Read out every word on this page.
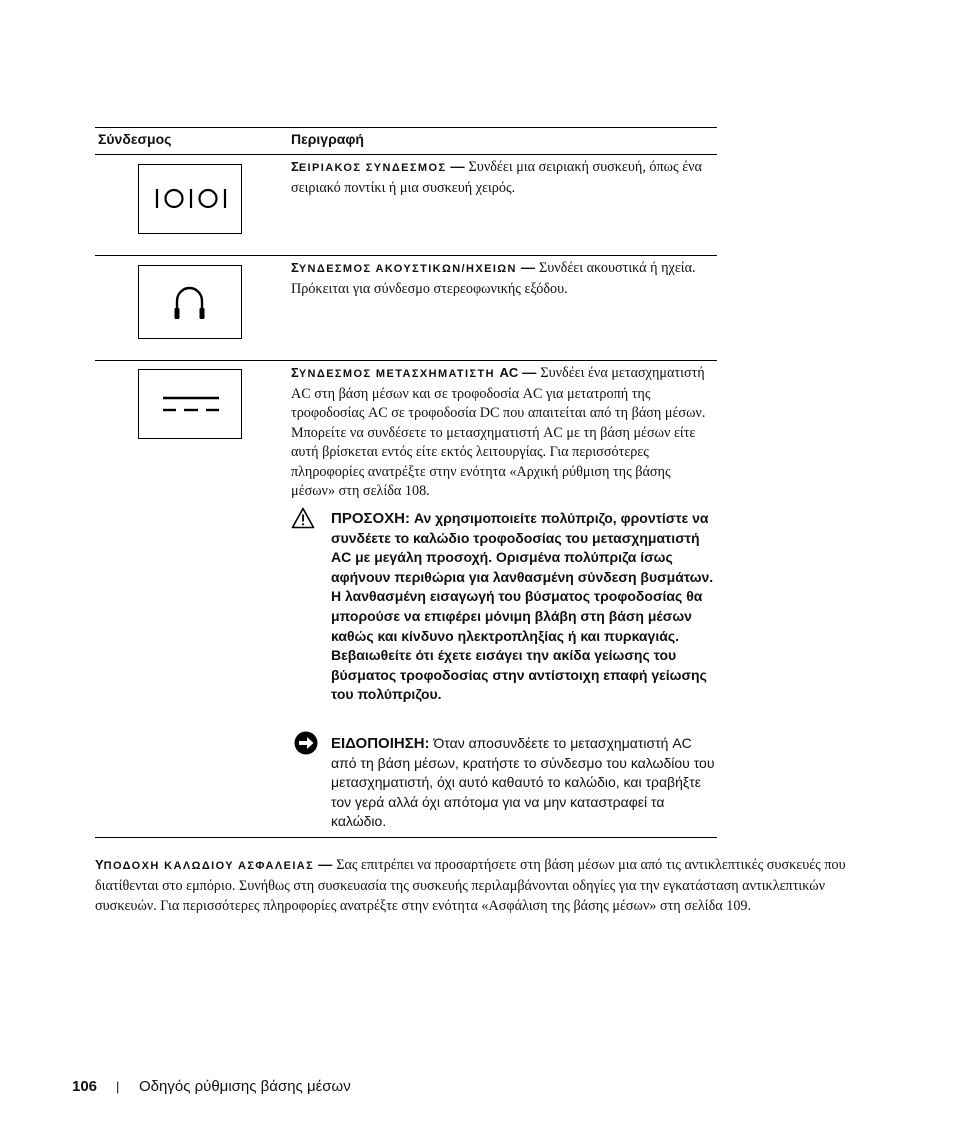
Σύνδεσμος	Περιγραφή
ΣΕΙΡΙΑΚΟΣ ΣΥΝΔΕΣΜΟΣ — Συνδέει μια σειριακή συσκευή, όπως ένα σειριακό ποντίκι ή μια συσκευή χειρός.
ΣΥΝΔΕΣΜΟΣ ΑΚΟΥΣΤΙΚΩΝ/ΗΧΕΙΩΝ — Συνδέει ακουστικά ή ηχεία. Πρόκειται για σύνδεσμο στερεοφωνικής εξόδου.
ΣΥΝΔΕΣΜΟΣ ΜΕΤΑΣΧΗΜΑΤΙΣΤΗ AC — Συνδέει ένα μετασχηματιστή AC στη βάση μέσων και σε τροφοδοσία AC για μετατροπή της τροφοδοσίας AC σε τροφοδοσία DC που απαιτείται από τη βάση μέσων. Μπορείτε να συνδέσετε το μετασχηματιστή AC με τη βάση μέσων είτε αυτή βρίσκεται εντός είτε εκτός λειτουργίας. Για περισσότερες πληροφορίες ανατρέξτε στην ενότητα «Αρχική ρύθμιση της βάσης μέσων» στη σελίδα 108.
ΠΡΟΣΟΧΗ: Αν χρησιμοποιείτε πολύπριζο, φροντίστε να συνδέετε το καλώδιο τροφοδοσίας του μετασχηματιστή AC με μεγάλη προσοχή. Ορισμένα πολύπριζα ίσως αφήνουν περιθώρια για λανθασμένη σύνδεση βυσμάτων. Η λανθασμένη εισαγωγή του βύσματος τροφοδοσίας θα μπορούσε να επιφέρει μόνιμη βλάβη στη βάση μέσων καθώς και κίνδυνο ηλεκτροπληξίας ή και πυρκαγιάς. Βεβαιωθείτε ότι έχετε εισάγει την ακίδα γείωσης του βύσματος τροφοδοσίας στην αντίστοιχη επαφή γείωσης του πολύπριζου.
ΕΙΔΟΠΟΙΗΣΗ: Όταν αποσυνδέετε το μετασχηματιστή AC από τη βάση μέσων, κρατήστε το σύνδεσμο του καλωδίου του μετασχηματιστή, όχι αυτό καθαυτό το καλώδιο, και τραβήξτε τον γερά αλλά όχι απότομα για να μην καταστραφεί τα καλώδιο.
ΥΠΟΔΟΧΗ ΚΑΛΩΔΙΟΥ ΑΣΦΑΛΕΙΑΣ — Σας επιτρέπει να προσαρτήσετε στη βάση μέσων μια από τις αντικλεπτικές συσκευές που διατίθενται στο εμπόριο. Συνήθως στη συσκευασία της συσκευής περιλαμβάνονται οδηγίες για την εγκατάσταση αντικλεπτικών συσκευών. Για περισσότερες πληροφορίες ανατρέξτε στην ενότητα «Ασφάλιση της βάσης μέσων» στη σελίδα 109.
106 | Οδηγός ρύθμισης βάσης μέσων
